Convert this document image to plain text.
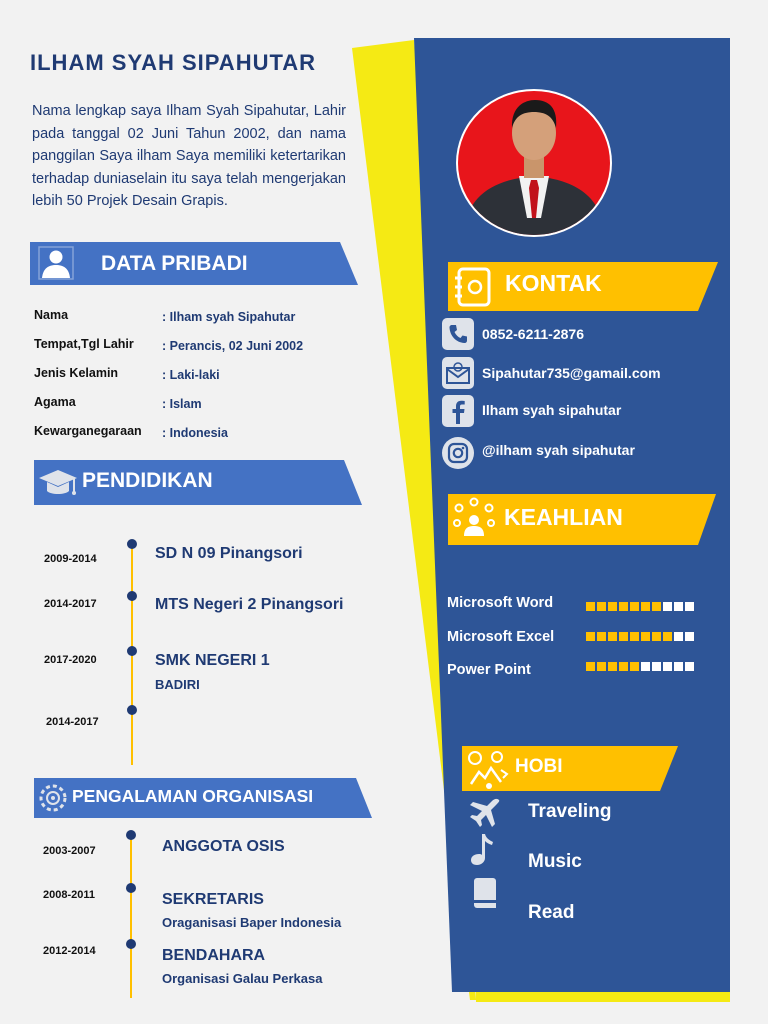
ILHAM SYAH SIPAHUTAR
Nama lengkap saya Ilham Syah Sipahutar, Lahir pada tanggal 02 Juni Tahun 2002, dan nama panggilan Saya ilham Saya memiliki ketertarikan terhadap duniaselain itu saya telah mengerjakan lebih 50 Projek Desain Grapis.
DATA PRIBADI
Nama	: Ilham syah Sipahutar
Tempat,Tgl Lahir : Perancis, 02 Juni 2002
Jenis Kelamin	: Laki-laki
Agama	: Islam
Kewarganegaraan : Indonesia
PENDIDIKAN
2009-2014	SD N 09 Pinangsori
2014-2017	MTS Negeri 2 Pinangsori
2017-2020	SMK NEGERI 1
BADIRI
2014-2017
PENGALAMAN ORGANISASI
2003-2007	ANGGOTA OSIS
2008-2011	SEKRETARIS
Oraganisasi Baper Indonesia
2012-2014	BENDAHARA
Organisasi Galau Perkasa
KONTAK
0852-6211-2876
Sipahutar735@gamail.com
Ilham syah sipahutar
@ilham syah sipahutar
KEAHLIAN
Microsoft Word
Microsoft Excel
Power Point
HOBI
Traveling
Music
Read
